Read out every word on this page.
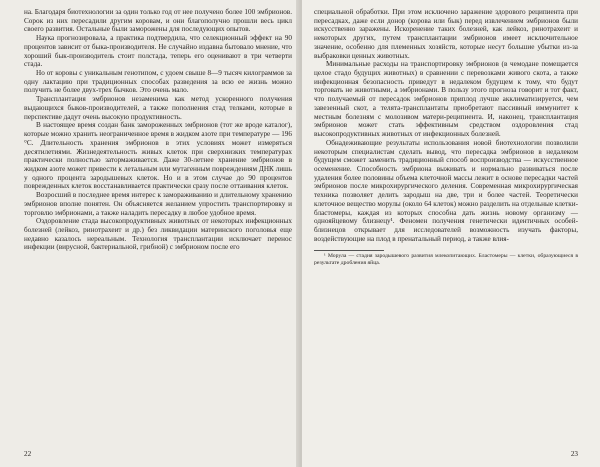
на. Благодаря биотехнологии за один только год от нее получено более 100 эмбрионов. Сорок из них пересадили другим коровам, и они благополучно прошли весь цикл своего развития. Остальные были заморожены для последующих опытов.

Наука прогнозировала, а практика подтвердила, что селекционный эффект на 90 процентов зависит от быка-производителя. Не случайно издавна бытовало мнение, что хороший бык-производитель стоит полстада, теперь его оценивают в три четверти стада.

Но от коровы с уникальным генотипом, с удоем свыше 8—9 тысяч килограммов за одну лактацию при традиционных способах разведения за всю ее жизнь можно получить не более двух-трех бычков. Это очень мало.

Трансплантация эмбрионов незаменима как метод ускоренного получения выдающихся быков-производителей, а также пополнения стад телками, которые в перспективе дадут очень высокую продуктивность.

В настоящее время создан банк замороженных эмбрионов (тот же вроде каталог), которые можно хранить неограниченное время в жидком азоте при температуре — 196 °С. Длительность хранения эмбрионов в этих условиях может измеряться десятилетиями. Жизнедеятельность живых клеток при сверхнизких температурах практически полностью затормаживается. Даже 30-летнее хранение эмбрионов в жидком азоте может привести к летальным или мутагенным повреждениям ДНК лишь у одного процента зародышевых клеток. Но и в этом случае до 90 процентов поврежденных клеток восстанавливается практически сразу после оттаивания клеток.

Возросший в последнее время интерес к замораживанию и длительному хранению эмбрионов вполне понятен. Он объясняется желанием упростить транспортировку и торговлю эмбрионами, а также наладить пересадку в любое удобное время.

Оздоровление стада высокопродуктивных животных от некоторых инфекционных болезней (лейкоз, ринотрахеит и др.) без ликвидации материнского поголовья еще недавно казалось нереальным. Технология трансплантации исключает перенос инфекции (вирусной, бактериальной, грибной) с эмбрионом после его

22

специальной обработки. При этом исключено заражение здорового реципиента при пересадках, даже если донор (корова или бык) перед извлечением эмбрионов были искусственно заражены. Искоренение таких болезней, как лейкоз, ринотрахеит и некоторых других, путем трансплантации эмбрионов имеет исключительное значение, особенно для племенных хозяйств, которые несут большие убытки из-за выбраковки ценных животных.

Минимальные расходы на транспортировку эмбрионов (в чемодане помещается целое стадо будущих животных) в сравнении с перевозками живого скота, а также инфекционная безопасность приведут в недалеком будущем к тому, что будут торговать не животными, а эмбрионами. В пользу этого прогноза говорит и тот факт, что получаемый от пересадок эмбрионов приплод лучше акклиматизируется, чем завезенный скот, а телята-трансплантаты приобретают пассивный иммунитет к местным болезням с молозивом матери-реципиента. И, наконец, трансплантация эмбрионов может стать эффективным средством оздоровления стад высокопродуктивных животных от инфекционных болезней.

Обнадеживающие результаты использования новой биотехнологии позволили некоторым специалистам сделать вывод, что пересадка эмбрионов в недалеком будущем сможет заменить традиционный способ воспроизводства — искусственное осеменение. Способность эмбриона выживать и нормально развиваться после удаления более половины объема клеточной массы лежит в основе пересадки частей эмбрионов после микрохирургического деления. Современная микрохирургическая техника позволяет делить зародыш на две, три и более частей. Теоретически клеточное вещество морулы (около 64 клеток) можно разделить на отдельные клетки-бластомеры, каждая из которых способна дать жизнь новому организму — однояйцевому близнецу¹. Феномен получения генетически идентичных особей-близнецов открывает для исследователей возможность изучать факторы, воздействующие на плод в пренатальный период, а также влия-

¹ Морула — стадия зародышевого развития млекопитающих. Бластомеры — клетки, образующиеся в результате дробления яйца.
23
